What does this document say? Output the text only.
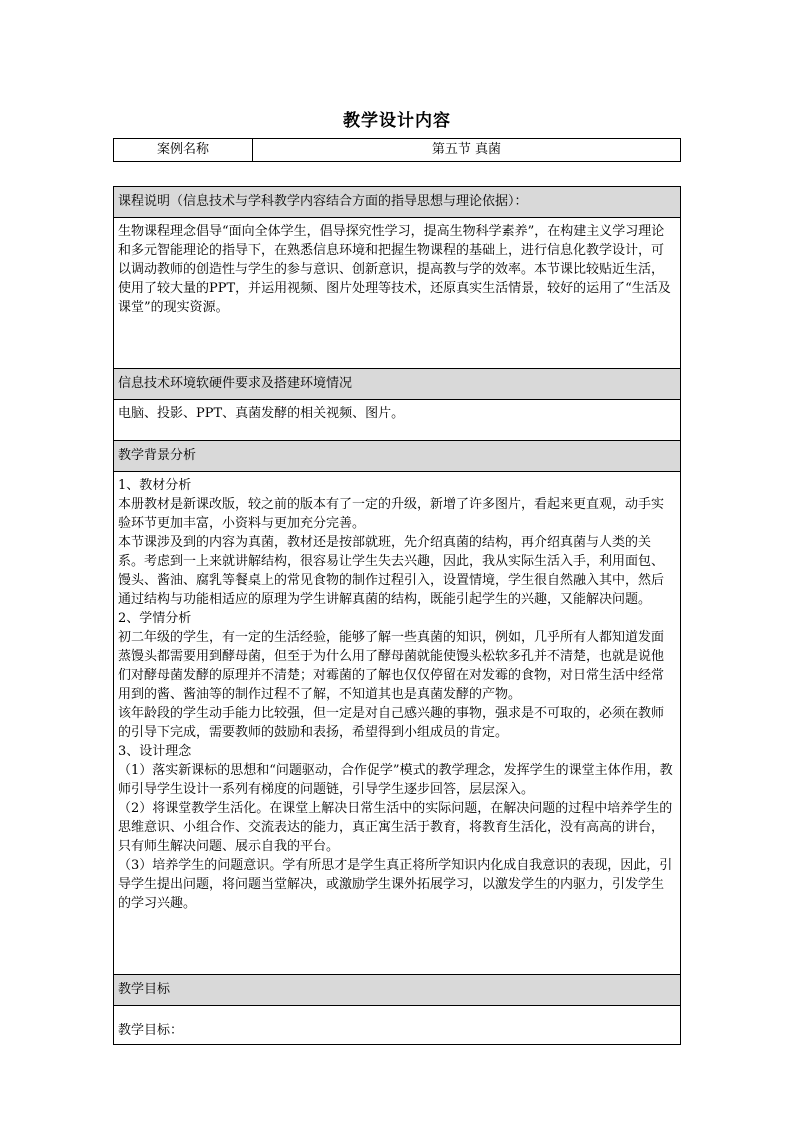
教学设计内容
案例名称	第五节 真菌
课程说明（信息技术与学科教学内容结合方面的指导思想与理论依据）：
生物课程理念倡导“面向全体学生，倡导探究性学习，提高生物科学素养”，在构建主义学习理论和多元智能理论的指导下，在熟悉信息环境和把握生物课程的基础上，进行信息化教学设计，可以调动教师的创造性与学生的参与意识、创新意识，提高教与学的效率。本节课比较贴近生活，使用了较大量的PPT，并运用视频、图片处理等技术，还原真实生活情景，较好的运用了“生活及课堂”的现实资源。
信息技术环境软硬件要求及搭建环境情况
电脑、投影、PPT、真菌发酵的相关视频、图片。
教学背景分析

1、教材分析
本册教材是新课改版，较之前的版本有了一定的升级，新增了许多图片，看起来更直观，动手实验环节更加丰富，小资料与更加充分完善。
本节课涉及到的内容为真菌，教材还是按部就班，先介绍真菌的结构，再介绍真菌与人类的关系。考虑到一上来就讲解结构，很容易让学生失去兴趣，因此，我从实际生活入手，利用面包、馒头、酱油、腐乳等餐桌上的常见食物的制作过程引入，设置情境，学生很自然融入其中，然后通过结构与功能相适应的原理为学生讲解真菌的结构，既能引起学生的兴趣，又能解决问题。
2、学情分析
初二年级的学生，有一定的生活经验，能够了解一些真菌的知识，例如，几乎所有人都知道发面蒸馒头都需要用到酵母菌，但至于为什么用了酵母菌就能使馒头松软多孔并不清楚，也就是说他们对酵母菌发酵的原理并不清楚；对霉菌的了解也仅仅停留在对发霉的食物，对日常生活中经常用到的酱、酱油等的制作过程不了解，不知道其也是真菌发酵的产物。
该年龄段的学生动手能力比较强，但一定是对自己感兴趣的事物，强求是不可取的，必须在教师的引导下完成，需要教师的鼓励和表扬，希望得到小组成员的肯定。
3、设计理念
（1）落实新课标的思想和“问题驱动，合作促学”模式的教学理念，发挥学生的课堂主体作用，教师引导学生设计一系列有梯度的问题链，引导学生逐步回答，层层深入。
（2）将课堂教学生活化。在课堂上解决日常生活中的实际问题，在解决问题的过程中培养学生的思维意识、小组合作、交流表达的能力，真正寓生活于教育，将教育生活化，没有高高的讲台，只有师生解决问题、展示自我的平台。
（3）培养学生的问题意识。学有所思才是学生真正将所学知识内化成自我意识的表现，因此，引导学生提出问题，将问题当堂解决，或激励学生课外拓展学习，以激发学生的内驱力，引发学生的学习兴趣。

教学目标
教学目标：
